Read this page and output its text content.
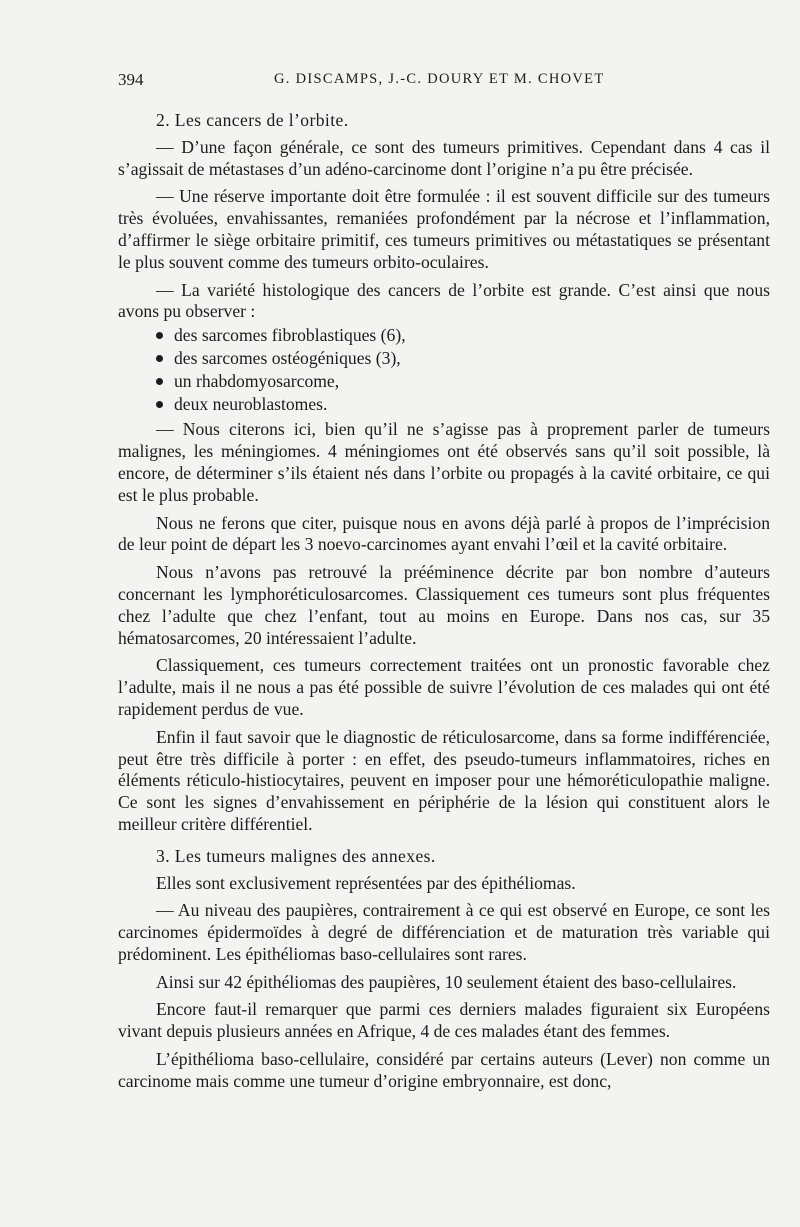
394	G. DISCAMPS, J.-C. DOURY ET M. CHOVET
2. Les cancers de l’orbite.

— D’une façon générale, ce sont des tumeurs primitives. Cependant dans 4 cas il s’agissait de métastases d’un adéno-carcinome dont l’origine n’a pu être précisée.

— Une réserve importante doit être formulée : il est souvent difficile sur des tumeurs très évoluées, envahissantes, remaniées profondément par la nécrose et l’inflammation, d’affirmer le siège orbitaire primitif, ces tumeurs primitives ou métastatiques se présentant le plus souvent comme des tumeurs orbito-oculaires.

— La variété histologique des cancers de l’orbite est grande. C’est ainsi que nous avons pu observer :

des sarcomes fibroblastiques (6),
des sarcomes ostéogéniques (3),
un rhabdomyosarcome,
deux neuroblastomes.

— Nous citerons ici, bien qu’il ne s’agisse pas à proprement parler de tumeurs malignes, les méningiomes. 4 méningiomes ont été observés sans qu’il soit possible, là encore, de déterminer s’ils étaient nés dans l’orbite ou propagés à la cavité orbitaire, ce qui est le plus probable.

Nous ne ferons que citer, puisque nous en avons déjà parlé à propos de l’imprécision de leur point de départ les 3 noevo-carcinomes ayant envahi l’œil et la cavité orbitaire.

Nous n’avons pas retrouvé la prééminence décrite par bon nombre d’auteurs concernant les lymphoréticulosarcomes. Classiquement ces tumeurs sont plus fréquentes chez l’adulte que chez l’enfant, tout au moins en Europe. Dans nos cas, sur 35 hématosarcomes, 20 intéressaient l’adulte.

Classiquement, ces tumeurs correctement traitées ont un pronostic favorable chez l’adulte, mais il ne nous a pas été possible de suivre l’évolution de ces malades qui ont été rapidement perdus de vue.

Enfin il faut savoir que le diagnostic de réticulosarcome, dans sa forme indifférenciée, peut être très difficile à porter : en effet, des pseudo-tumeurs inflammatoires, riches en éléments réticulo-histiocytaires, peuvent en imposer pour une hémoréticulopathie maligne. Ce sont les signes d’envahissement en périphérie de la lésion qui constituent alors le meilleur critère différentiel.

3. Les tumeurs malignes des annexes.

Elles sont exclusivement représentées par des épithéliomas.

— Au niveau des paupières, contrairement à ce qui est observé en Europe, ce sont les carcinomes épidermoïdes à degré de différenciation et de maturation très variable qui prédominent. Les épithéliomas baso-cellulaires sont rares.

Ainsi sur 42 épithéliomas des paupières, 10 seulement étaient des baso-cellulaires.

Encore faut-il remarquer que parmi ces derniers malades figuraient six Européens vivant depuis plusieurs années en Afrique, 4 de ces malades étant des femmes.

L’épithélioma baso-cellulaire, considéré par certains auteurs (Lever) non comme un carcinome mais comme une tumeur d’origine embryonnaire, est donc,
